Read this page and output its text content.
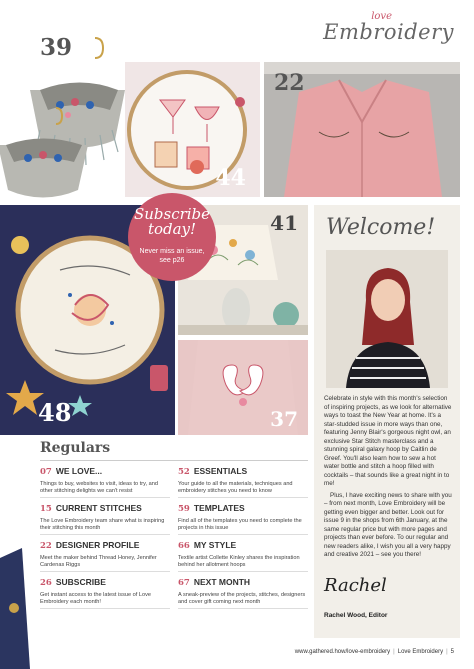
love
Embroidery
39
44
22
48
41
37
Subscribe
today!
Never miss an issue, see p26
Welcome!

Celebrate in style with this month's selection of inspiring projects, as we look for alternative ways to toast the New Year at home. It's a star-studded issue in more ways than one, featuring Jenny Blair's gorgeous night owl, an exclusive Star Stitch masterclass and a stunning spiral galaxy hoop by Caitlin de Greef. You'll also learn how to sew a hot water bottle and stitch a hoop filled with cocktails – that sounds like a great night in to me!

Plus, I have exciting news to share with you – from next month, Love Embroidery will be getting even bigger and better. Look out for issue 9 in the shops from 6th January, at the same regular price but with more pages and projects than ever before. To our regular and new readers alike, I wish you all a very happy and creative 2021 – see you there!

Rachel
Rachel Wood, Editor
Regulars
07 WE LOVE...
Things to buy, websites to visit, ideas to try, and other stitching delights we can't resist
52 ESSENTIALS
Your guide to all the materials, techniques and embroidery stitches you need to know
15 CURRENT STITCHES
The Love Embroidery team share what is inspiring their stitching this month
59 TEMPLATES
Find all of the templates you need to complete the projects in this issue
22 DESIGNER PROFILE
Meet the maker behind Thread Honey, Jennifer Cardenas Riggs
66 MY STYLE
Textile artist Collette Kinley shares the inspiration behind her allotment hoops
26 SUBSCRIBE
Get instant access to the latest issue of Love Embroidery each month!
67 NEXT MONTH
A sneak-preview of the projects, stitches, designers and cover gift coming next month
www.gathered.how/love-embroidery | Love Embroidery | 5
